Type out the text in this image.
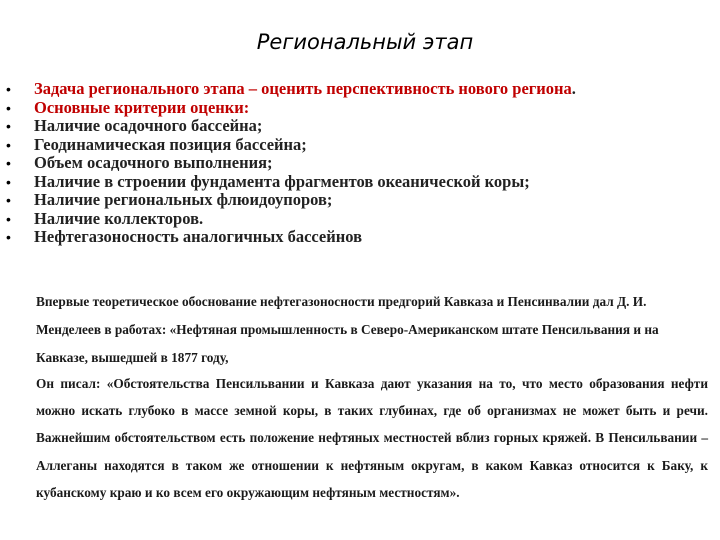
Региональный этап
•	Задача регионального этапа – оценить перспективность нового региона.
•	Основные критерии оценки:
•	Наличие осадочного бассейна;
•	Геодинамическая позиция бассейна;
•	Объем осадочного выполнения;
•	Наличие в строении фундамента фрагментов океанической коры;
•	Наличие региональных флюидоупоров;
•	Наличие коллекторов.
•	Нефтегазоносность аналогичных бассейнов

Впервые теоретическое обоснование нефтегазоносности предгорий Кавказа и Пенсинвалии дал Д. И. Менделеев в работах: «Нефтяная промышленность в Северо-Американском штате Пенсильвания и на Кавказе, вышедшей в 1877 году,

Он писал: «Обстоятельства Пенсильвании и Кавказа дают указания на то, что место образования нефти можно искать глубоко в массе земной коры, в таких глубинах, где об организмах не может быть и речи. Важнейшим обстоятельством есть положение нефтяных местностей вблиз горных кряжей. В Пенсильвании – Аллеганы находятся в таком же отношении к нефтяным округам, в каком Кавказ относится к Баку, к кубанскому краю и ко всем его окружающим нефтяным местностям».
